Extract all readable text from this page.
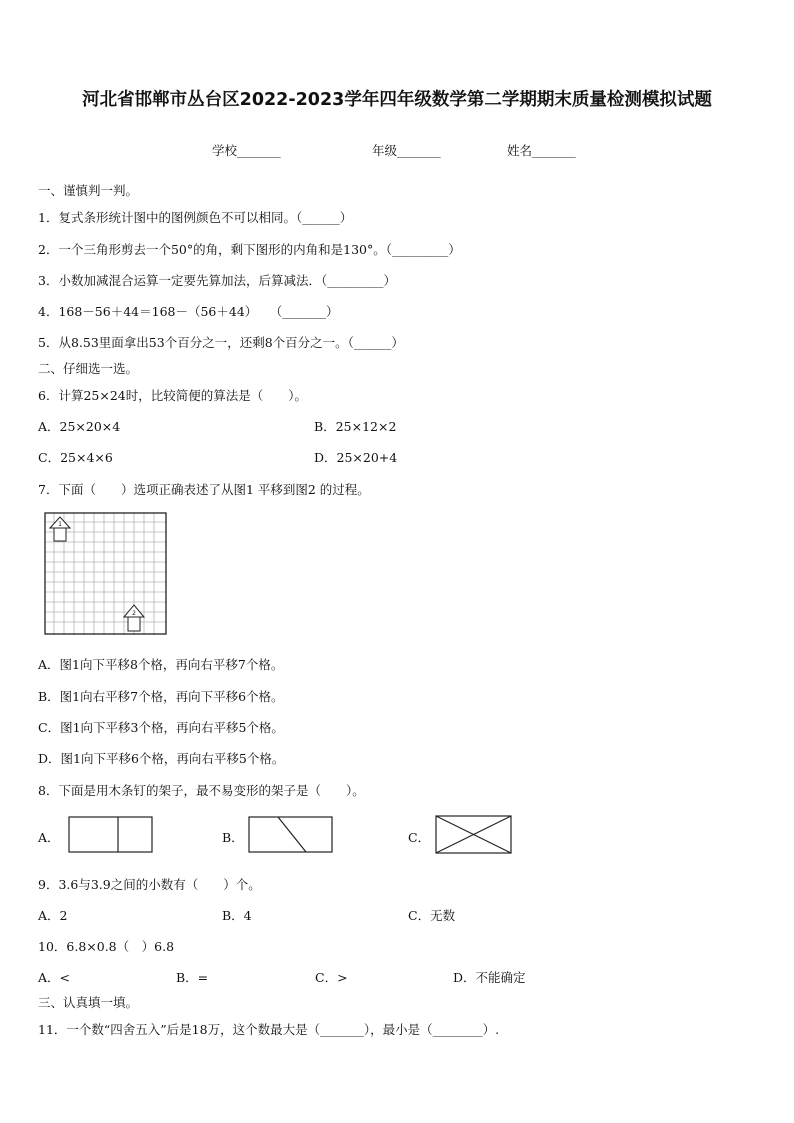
河北省邯郸市丛台区2022-2023学年四年级数学第二学期期末质量检测模拟试题
学校_______	年级_______	姓名_______
一、谨慎判一判。
1．复式条形统计图中的图例颜色不可以相同。（______）
2．一个三角形剪去一个50°的角，剩下图形的内角和是130°。（_________）
3．小数加减混合运算一定要先算加法，后算减法．（_________）
4．168－56＋44＝168－（56＋44）　　（_______）
5．从8.53里面拿出53个百分之一，还剩8个百分之一。（______）
二、仔细选一选。
6．计算25×24时，比较简便的算法是（　　）。
A．25×20×4	B．25×12×2
C．25×4×6	D．25×20+4
7．下面（　　）选项正确表述了从图1 平移到图2 的过程。
1
2
A．图1向下平移8个格，再向右平移7个格。
B．图1向右平移7个格，再向下平移6个格。
C．图1向下平移3个格，再向右平移5个格。
D．图1向下平移6个格，再向右平移5个格。
8．下面是用木条钉的架子，最不易变形的架子是（　　）。
A．	B．	C．
9．3.6与3.9之间的小数有（　　）个。
A．2	B．4	C．无数
10．6.8×0.8（　）6.8
A．<	B．=	C．>	D．不能确定
三、认真填一填。
11．一个数“四舍五入”后是18万，这个数最大是（_______），最小是（________）.
